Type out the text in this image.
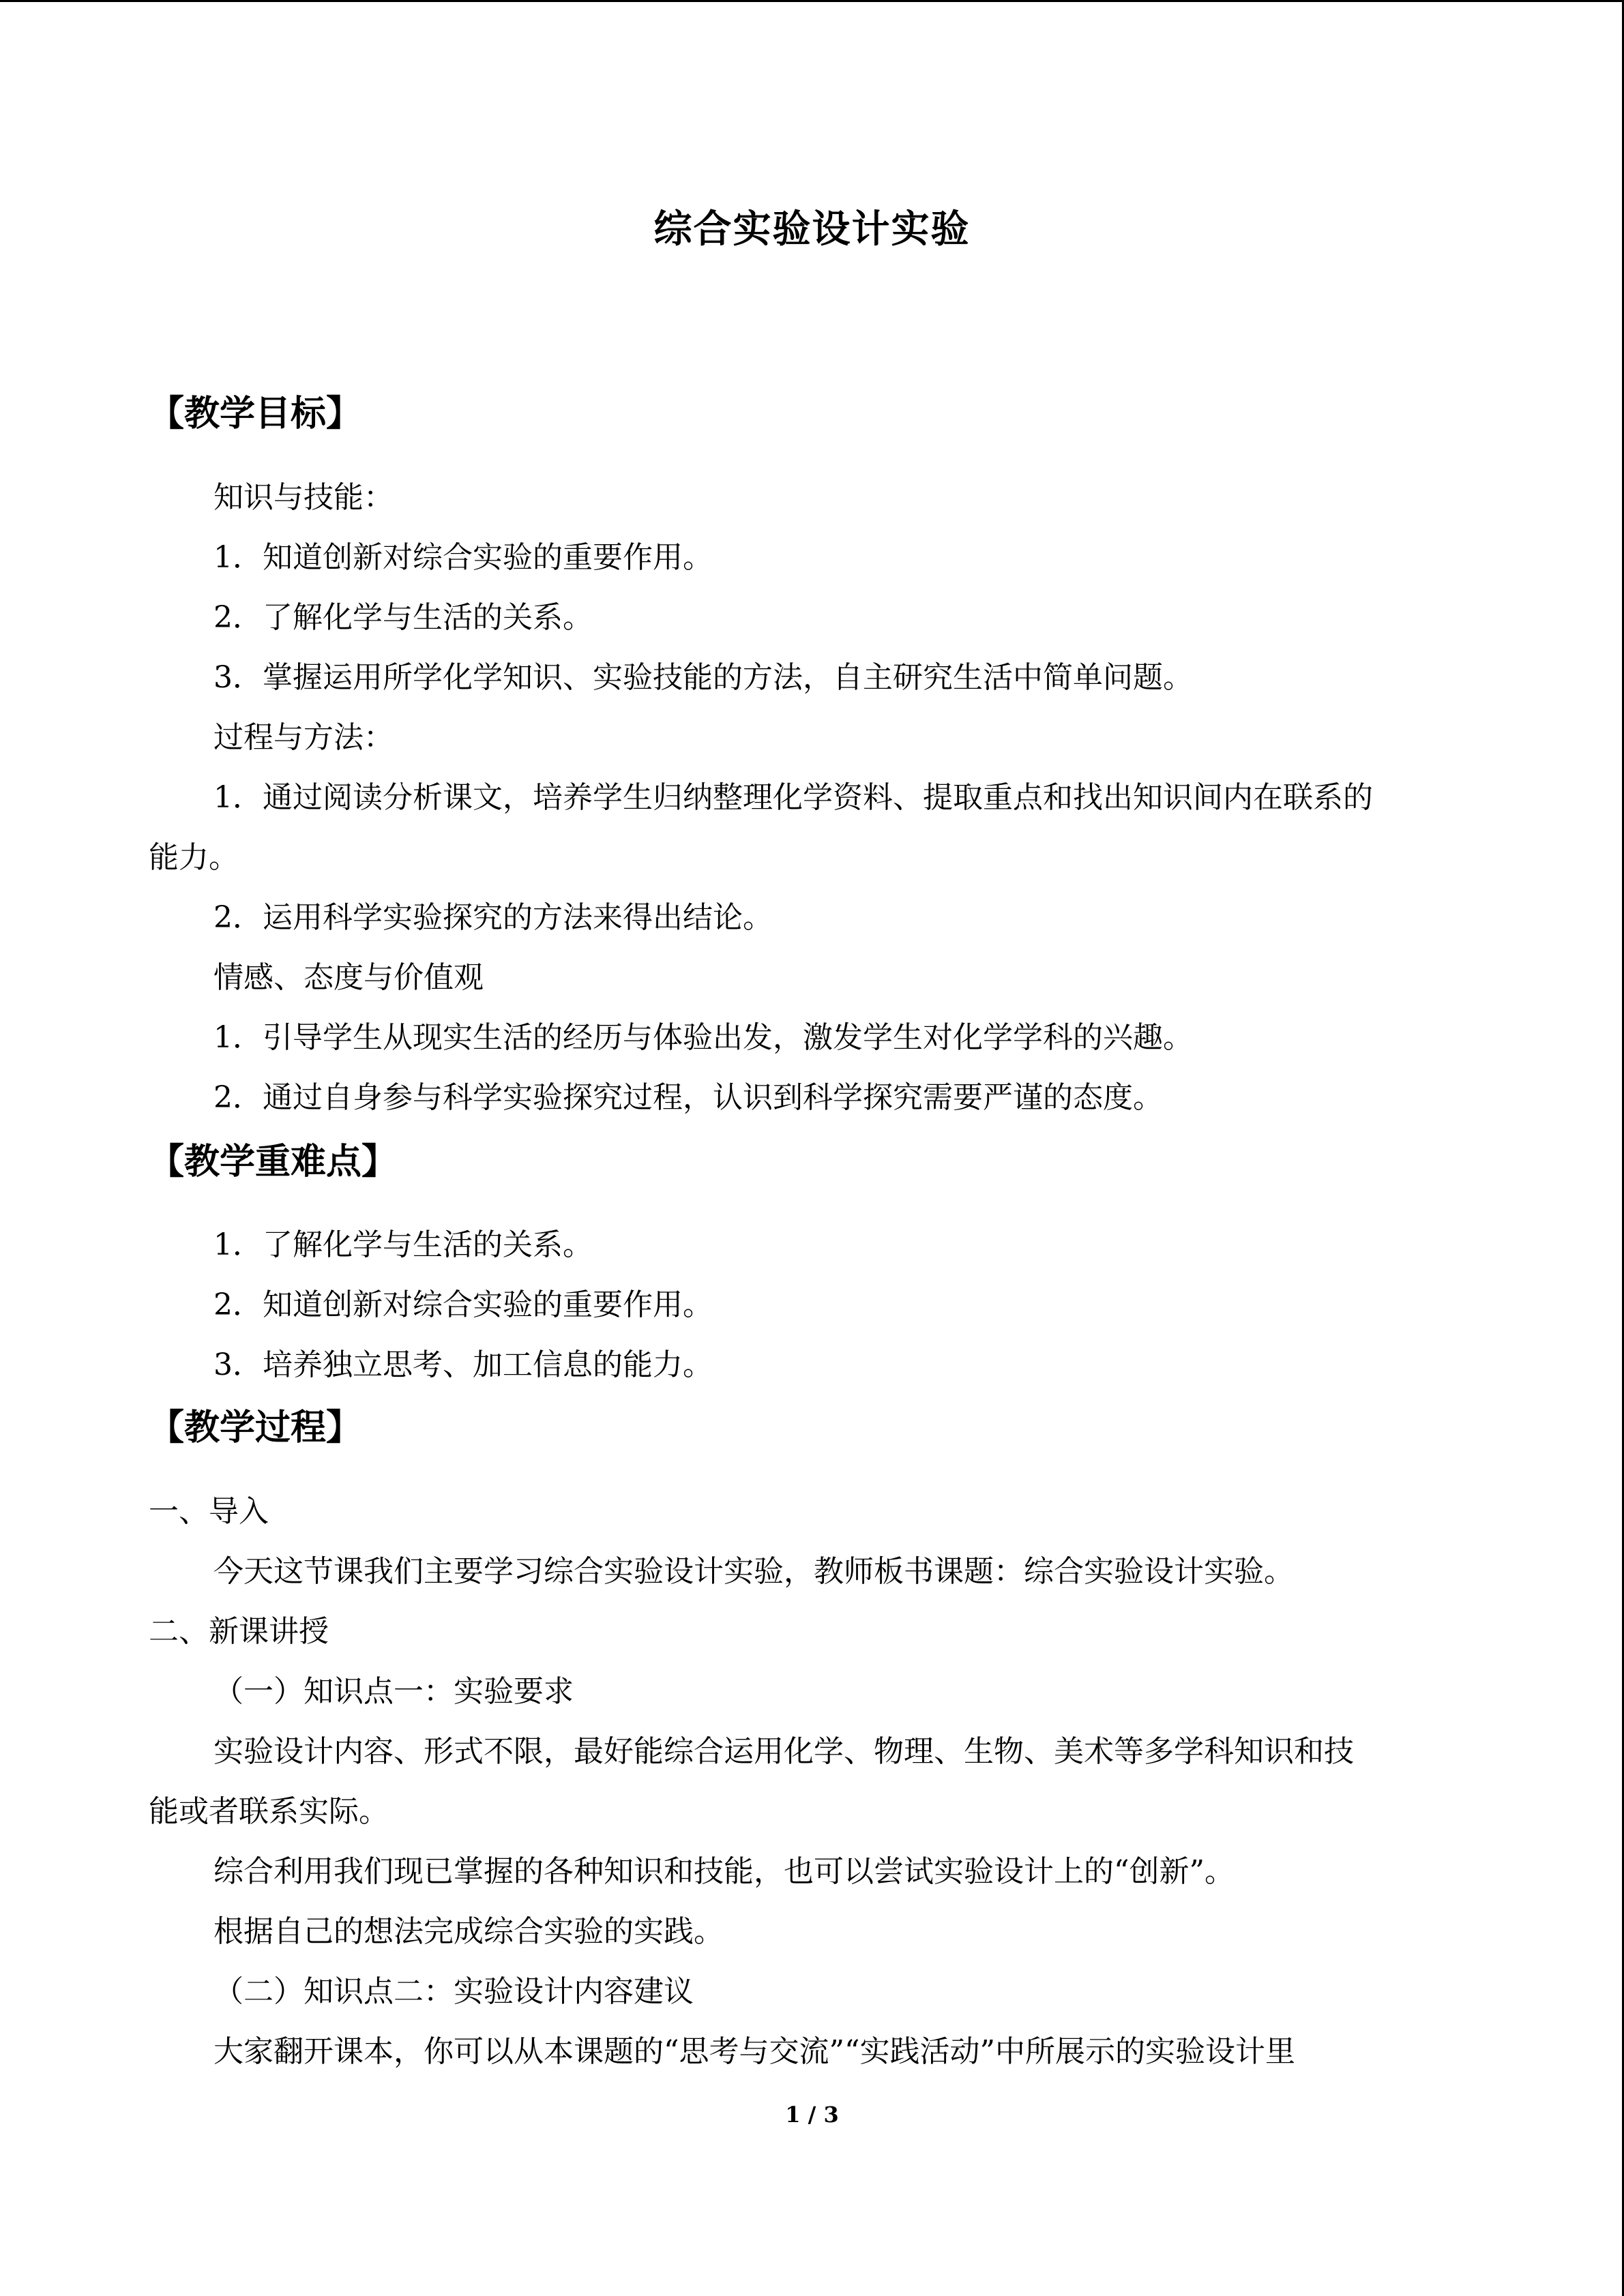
综合实验设计实验
【教学目标】
知识与技能：
1．知道创新对综合实验的重要作用。
2．了解化学与生活的关系。
3．掌握运用所学化学知识、实验技能的方法，自主研究生活中简单问题。
过程与方法：
1．通过阅读分析课文，培养学生归纳整理化学资料、提取重点和找出知识间内在联系的
能力。
2．运用科学实验探究的方法来得出结论。
情感、态度与价值观
1．引导学生从现实生活的经历与体验出发，激发学生对化学学科的兴趣。
2．通过自身参与科学实验探究过程，认识到科学探究需要严谨的态度。
【教学重难点】
1．了解化学与生活的关系。
2．知道创新对综合实验的重要作用。
3．培养独立思考、加工信息的能力。
【教学过程】
一、导入
今天这节课我们主要学习综合实验设计实验，教师板书课题：综合实验设计实验。
二、新课讲授
（一）知识点一：实验要求
实验设计内容、形式不限，最好能综合运用化学、物理、生物、美术等多学科知识和技
能或者联系实际。
综合利用我们现已掌握的各种知识和技能，也可以尝试实验设计上的“创新”。
根据自己的想法完成综合实验的实践。
（二）知识点二：实验设计内容建议
大家翻开课本，你可以从本课题的“思考与交流”“实践活动”中所展示的实验设计里
1 / 3
